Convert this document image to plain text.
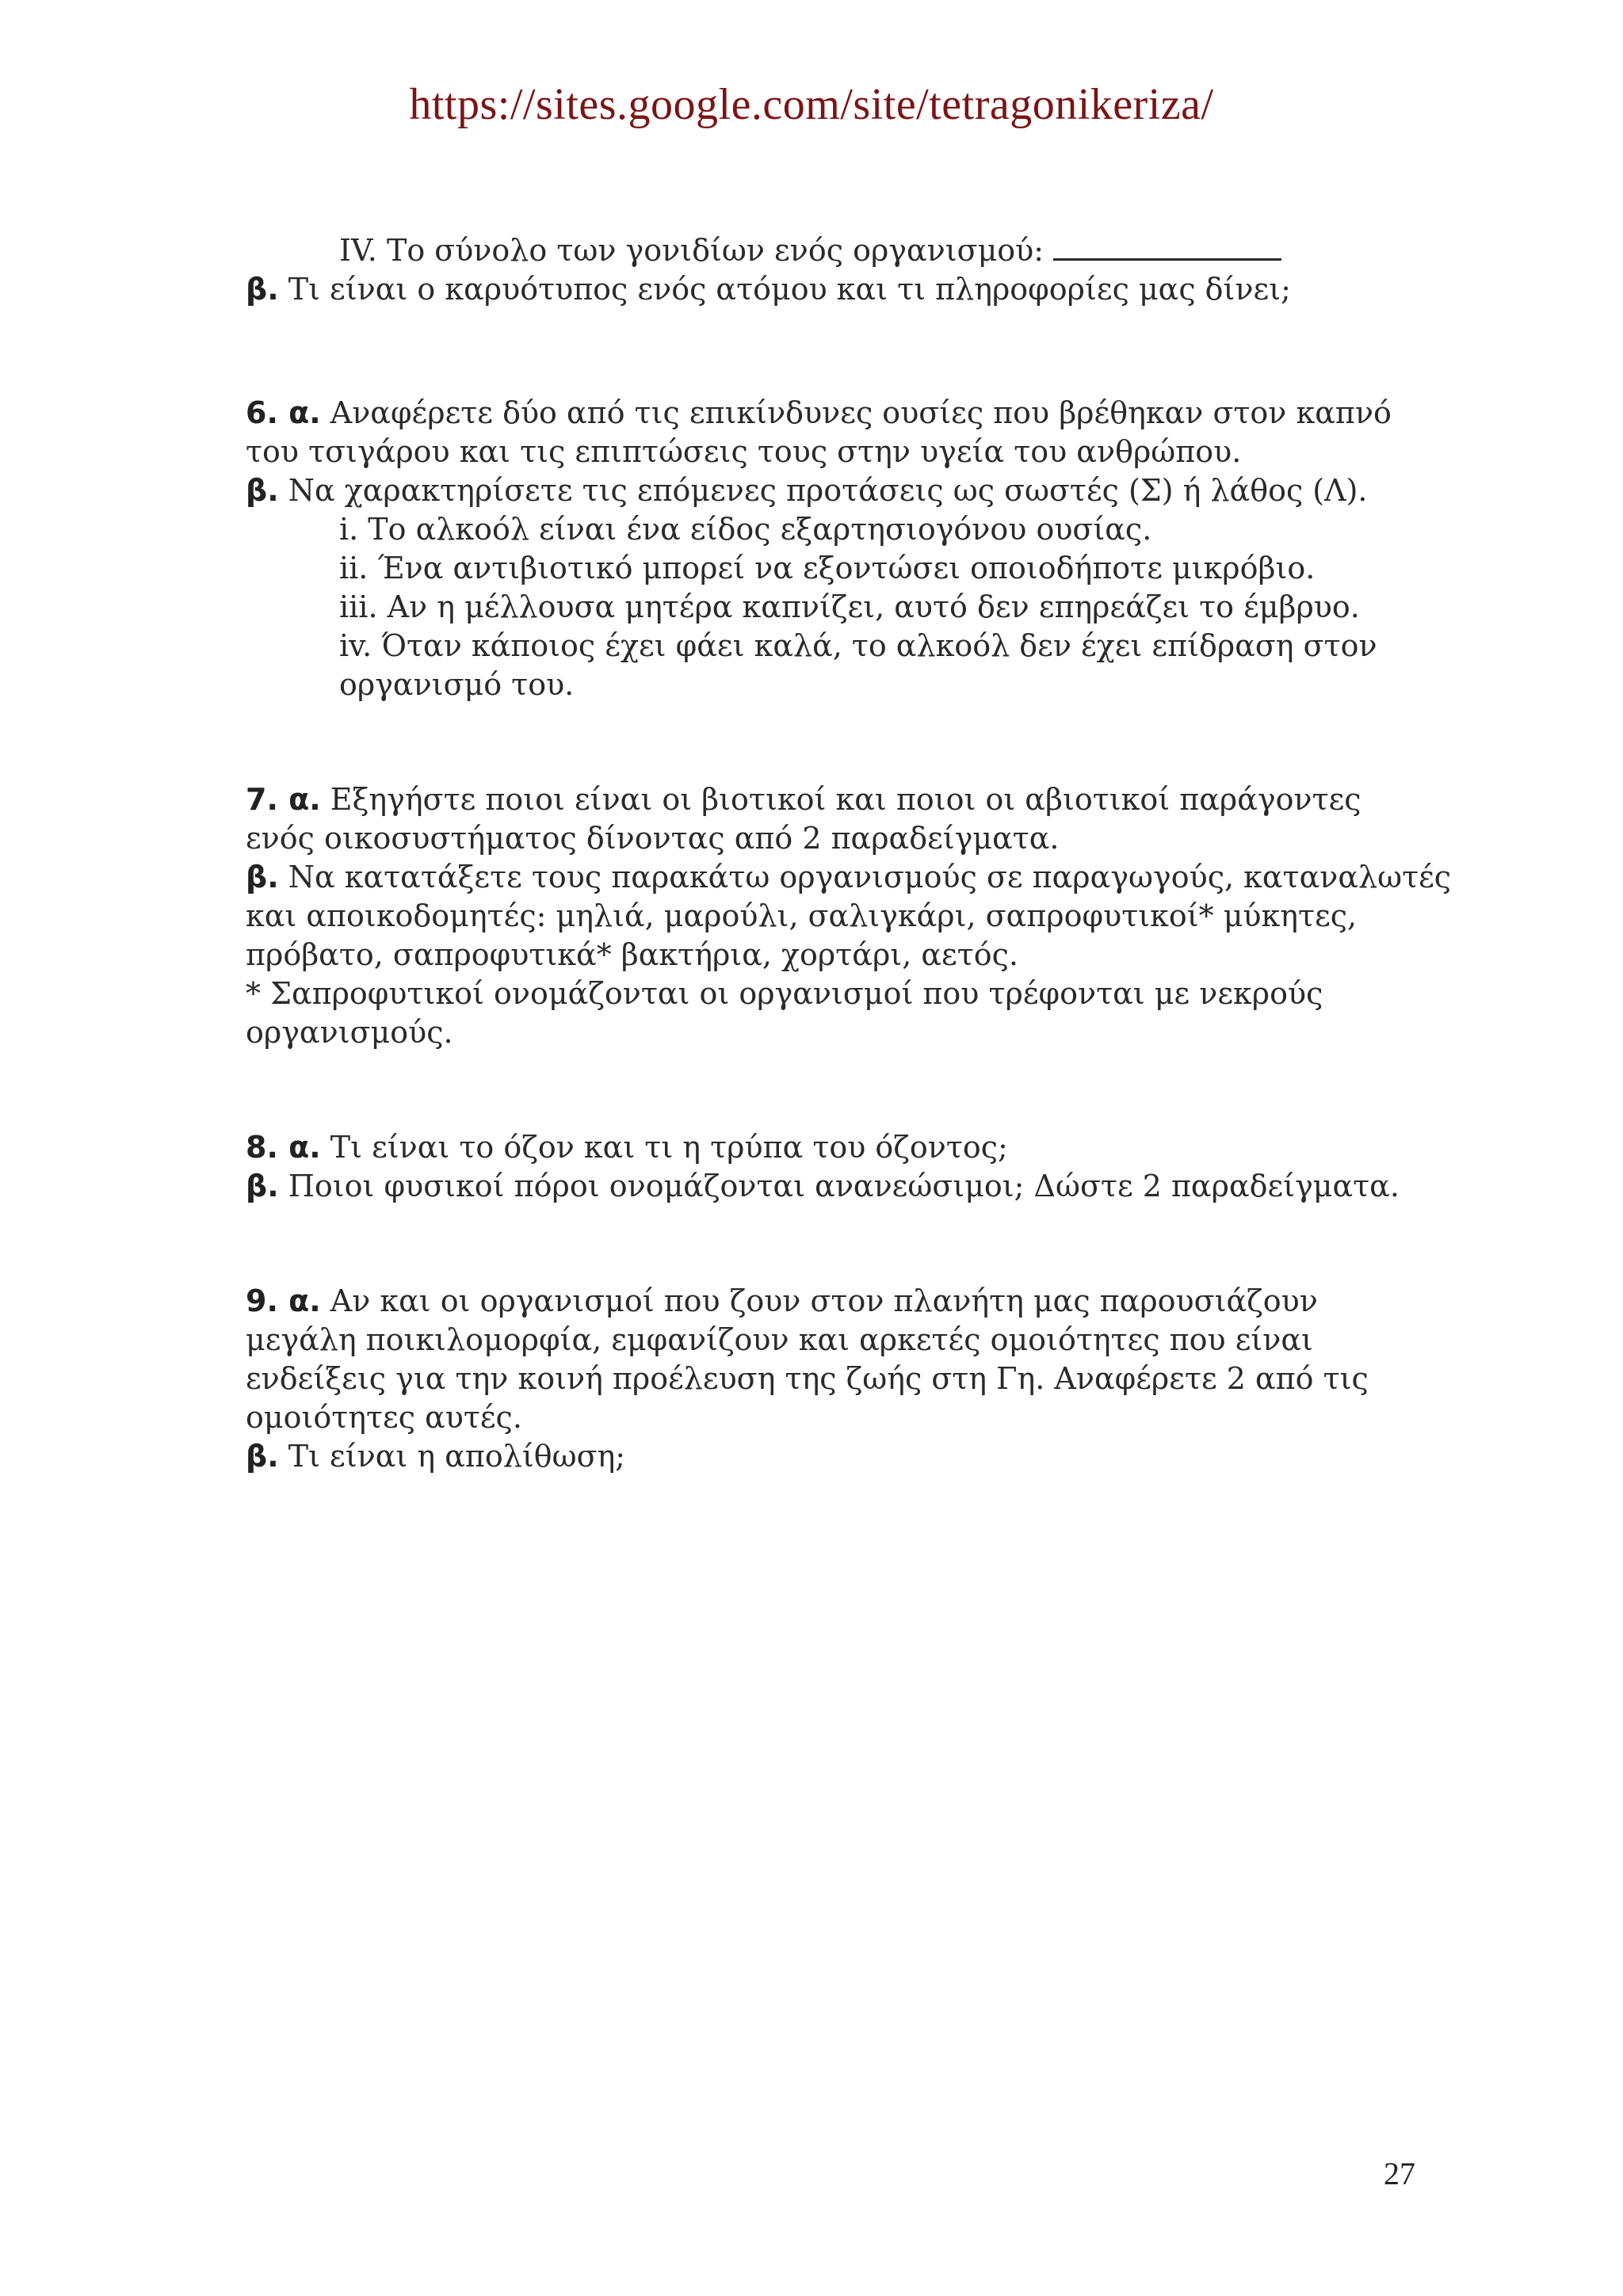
https://sites.google.com/site/tetragonikeriza/

IV. Το σύνολο των γονιδίων ενός οργανισμού:

β. Τι είναι ο καρυότυπος ενός ατόμου και τι πληροφορίες μας δίνει;

6. α. Αναφέρετε δύο από τις επικίνδυνες ουσίες που βρέθηκαν στον καπνό

του τσιγάρου και τις επιπτώσεις τους στην υγεία του ανθρώπου.

β. Να χαρακτηρίσετε τις επόμενες προτάσεις ως σωστές (Σ) ή λάθος (Λ).

i. Το αλκοόλ είναι ένα είδος εξαρτησιογόνου ουσίας.

ii. Ένα αντιβιοτικό μπορεί να εξοντώσει οποιοδήποτε μικρόβιο.

iii. Αν η μέλλουσα μητέρα καπνίζει, αυτό δεν επηρεάζει το έμβρυο.

iv. Όταν κάποιος έχει φάει καλά, το αλκοόλ δεν έχει επίδραση στον

οργανισμό του.

7. α. Εξηγήστε ποιοι είναι οι βιοτικοί και ποιοι οι αβιοτικοί παράγοντες

ενός οικοσυστήματος δίνοντας από 2 παραδείγματα.

β. Να κατατάξετε τους παρακάτω οργανισμούς σε παραγωγούς, καταναλωτές

και αποικοδομητές: μηλιά, μαρούλι, σαλιγκάρι, σαπροφυτικοί* μύκητες,

πρόβατο, σαπροφυτικά* βακτήρια, χορτάρι, αετός.

* Σαπροφυτικοί ονομάζονται οι οργανισμοί που τρέφονται με νεκρούς

οργανισμούς.

8. α. Τι είναι το όζον και τι η τρύπα του όζοντος;

β. Ποιοι φυσικοί πόροι ονομάζονται ανανεώσιμοι; Δώστε 2 παραδείγματα.

9. α. Αν και οι οργανισμοί που ζουν στον πλανήτη μας παρουσιάζουν

μεγάλη ποικιλομορφία, εμφανίζουν και αρκετές ομοιότητες που είναι

ενδείξεις για την κοινή προέλευση της ζωής στη Γη. Αναφέρετε 2 από τις

ομοιότητες αυτές.

β. Τι είναι η απολίθωση;

27
